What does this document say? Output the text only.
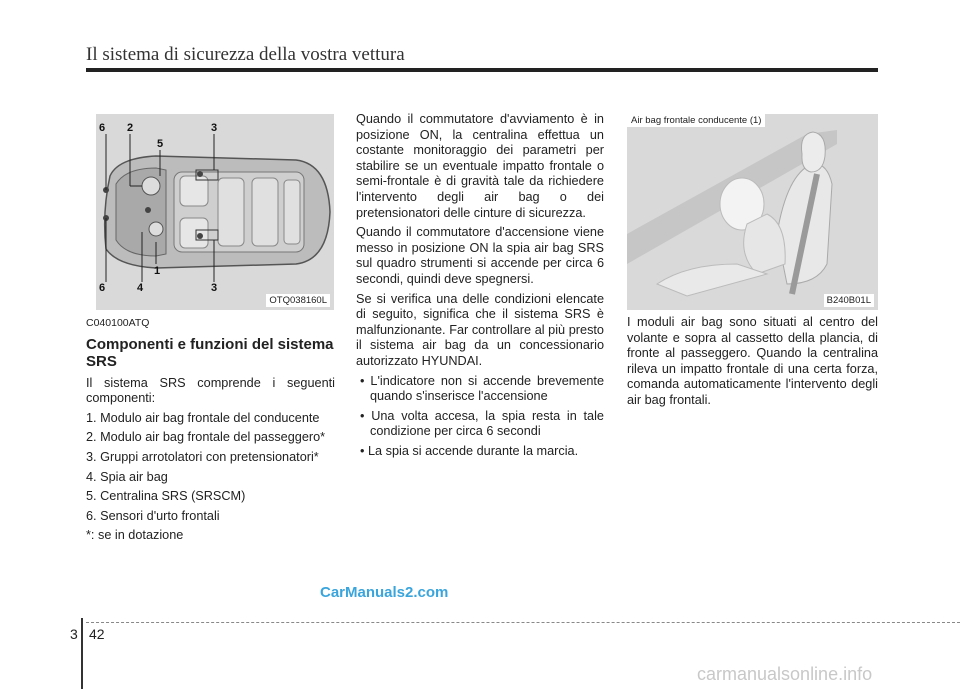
Il sistema di sicurezza della vostra vettura
6 2	3
5
1
6	4	3
OTQ038160L
Air bag frontale conducente (1)
B240B01L

C040100ATQ

Componenti e funzioni del sistema SRS

Il sistema SRS comprende i seguenti componenti:

1. Modulo air bag frontale del conducente
2. Modulo air bag frontale del passeggero*
3. Gruppi arrotolatori con pretensionatori*
4. Spia air bag
5. Centralina SRS (SRSCM)
6. Sensori d'urto frontali
*: se in dotazione

Quando il commutatore d'avviamento è in posizione ON, la centralina effettua un costante monitoraggio dei parametri per stabilire se un eventuale impatto frontale o semi-frontale è di gravità tale da richiedere l'intervento degli air bag o dei pretensionatori delle cinture di sicurezza.

Quando il commutatore d'accensione viene messo in posizione ON la spia air bag SRS sul quadro strumenti si accende per circa 6 secondi, quindi deve spegnersi.

Se si verifica una delle condizioni elencate di seguito, significa che il sistema SRS è malfunzionante. Far controllare al più presto il sistema air bag da un concessionario autorizzato HYUNDAI.

• L'indicatore non si accende brevemente quando s'inserisce l'accensione
• Una volta accesa, la spia resta in tale condizione per circa 6 secondi
• La spia si accende durante la marcia.

I moduli air bag sono situati al centro del volante e sopra al cassetto della plancia, di fronte al passeggero. Quando la centralina rileva un impatto frontale di una certa forza, comanda automaticamente l'intervento degli air bag frontali.

CarManuals2.com
3 42
carmanualsonline.info
